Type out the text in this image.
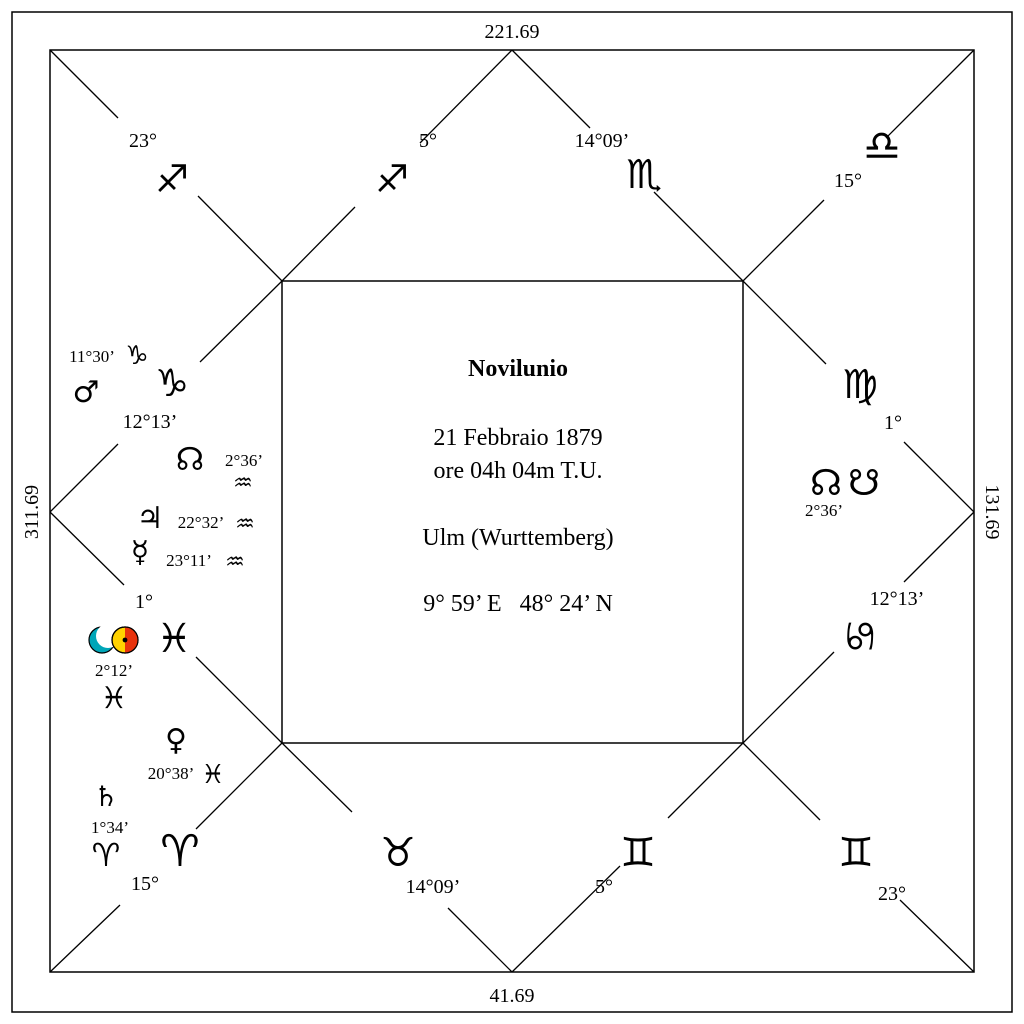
221.69
41.69
311.69	131.69
Novilunio
21 Febbraio 1879
ore 04h 04m T.U.
Ulm (Wurttemberg)
9° 59’ E   48° 24’ N
23°
♐
5°
♐
14°09’
♏
♎
15°
♍
1°
☊ ☋
2°36’
12°13’
♋
♊
23°
♊
5°
♉
14°09’
♈
15°
11°30’ ♑
♂ ♑
12°13’
☊ 2°36’
♒
♃ 22°32’ ♒
☿ 23°11’ ♒
1°
♓
2°12’
♓
♀
20°38’ ♓
♄
1°34’
♈
